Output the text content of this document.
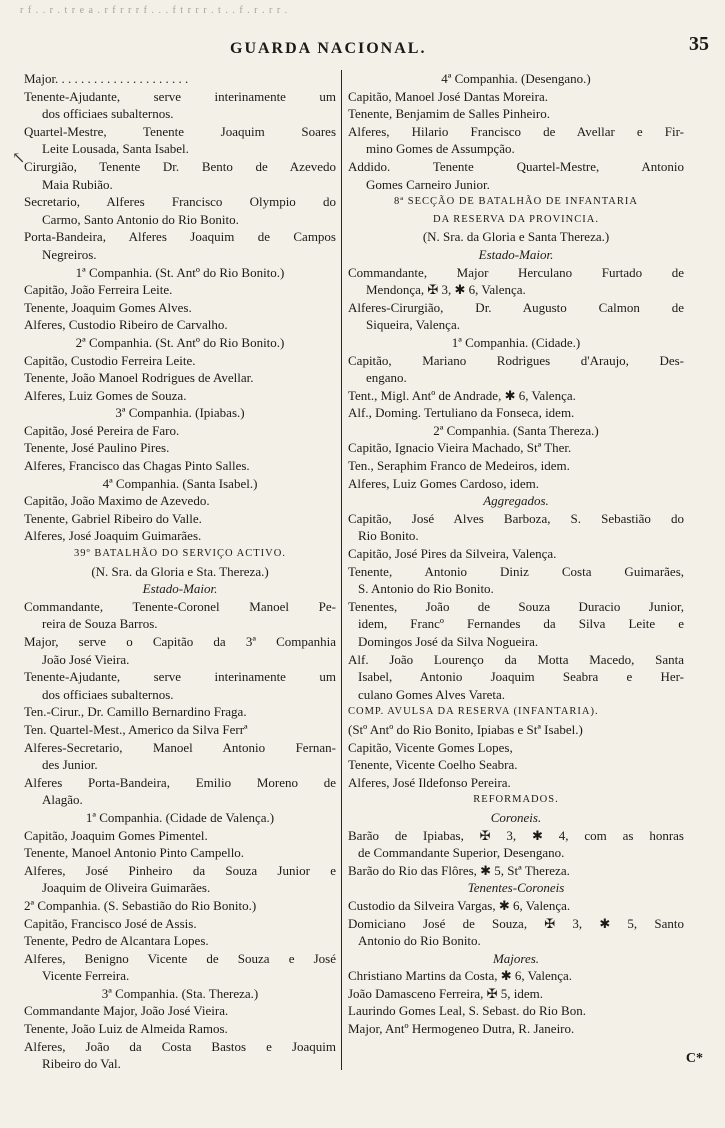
r f . . r . t r e a . r f r r r f . . . f t r r r . t . . f . r . r r .
GUARDA NACIONAL.	35
↖
Major. . . . . . . . . . . . . . . . . . . . .
Tenente-Ajudante, serve interinamente um
dos officiaes subalternos.
Quartel-Mestre, Tenente Joaquim Soares
Leite Lousada, Santa Isabel.
Cirurgião, Tenente Dr. Bento de Azevedo
Maia Rubião.
Secretario, Alferes Francisco Olympio do
Carmo, Santo Antonio do Rio Bonito.
Porta-Bandeira, Alferes Joaquim de Campos
Negreiros.
1ª Companhia. (St. Antº do Rio Bonito.)
Capitão, João Ferreira Leite.
Tenente, Joaquim Gomes Alves.
Alferes, Custodio Ribeiro de Carvalho.
2ª Companhia. (St. Antº do Rio Bonito.)
Capitão, Custodio Ferreira Leite.
Tenente, João Manoel Rodrigues de Avellar.
Alferes, Luiz Gomes de Souza.
3ª Companhia. (Ipiabas.)
Capitão, José Pereira de Faro.
Tenente, José Paulino Pires.
Alferes, Francisco das Chagas Pinto Salles.
4ª Companhia. (Santa Isabel.)
Capitão, João Maximo de Azevedo.
Tenente, Gabriel Ribeiro do Valle.
Alferes, José Joaquim Guimarães.
39º BATALHÃO DO SERVIÇO ACTIVO.
(N. Sra. da Gloria e Sta. Thereza.)
Estado-Maior.
Commandante, Tenente-Coronel Manoel Pe-
reira de Souza Barros.
Major, serve o Capitão da 3ª Companhia
João José Vieira.
Tenente-Ajudante, serve interinamente um
dos officiaes subalternos.
Ten.-Cirur., Dr. Camillo Bernardino Fraga.
Ten. Quartel-Mest., Americo da Silva Ferrª
Alferes-Secretario, Manoel Antonio Fernan-
des Junior.
Alferes Porta-Bandeira, Emilio Moreno de
Alagão.
1ª Companhia. (Cidade de Valença.)
Capitão, Joaquim Gomes Pimentel.
Tenente, Manoel Antonio Pinto Campello.
Alferes, José Pinheiro da Souza Junior e
Joaquim de Oliveira Guimarães.
2ª Companhia. (S. Sebastião do Rio Bonito.)
Capitão, Francisco José de Assis.
Tenente, Pedro de Alcantara Lopes.
Alferes, Benigno Vicente de Souza e José
Vicente Ferreira.
3ª Companhia. (Sta. Thereza.)
Commandante Major, João José Vieira.
Tenente, João Luiz de Almeida Ramos.
Alferes, João da Costa Bastos e Joaquim
Ribeiro do Val.
4ª Companhia. (Desengano.)
Capitão, Manoel José Dantas Moreira.
Tenente, Benjamim de Salles Pinheiro.
Alferes, Hilario Francisco de Avellar e Fir-
mino Gomes de Assumpção.
Addido. Tenente Quartel-Mestre, Antonio
Gomes Carneiro Junior.
8ª SECÇÃO DE BATALHÃO DE INFANTARIA
DA RESERVA DA PROVINCIA.
(N. Sra. da Gloria e Santa Thereza.)
Estado-Maior.
Commandante, Major Herculano Furtado de
Mendonça, ✠ 3, ✱ 6, Valença.
Alferes-Cirurgião, Dr. Augusto Calmon de
Siqueira, Valença.
1ª Companhia. (Cidade.)
Capitão, Mariano Rodrigues d'Araujo, Des-
engano.
Tent., Migl. Antº de Andrade, ✱ 6, Valença.
Alf., Doming. Tertuliano da Fonseca, idem.
2ª Companhia. (Santa Thereza.)
Capitão, Ignacio Vieira Machado, Stª Ther.
Ten., Seraphim Franco de Medeiros, idem.
Alferes, Luiz Gomes Cardoso, idem.
Aggregados.
Capitão, José Alves Barboza, S. Sebastião do
Rio Bonito.
Capitão, José Pires da Silveira, Valença.
Tenente, Antonio Diniz Costa Guimarães,
S. Antonio do Rio Bonito.
Tenentes, João de Souza Duracio Junior,
idem, Francº Fernandes da Silva Leite e
Domingos José da Silva Nogueira.
Alf. João Lourenço da Motta Macedo, Santa
Isabel, Antonio Joaquim Seabra e Her-
culano Gomes Alves Vareta.
COMP. AVULSA DA RESERVA (INFANTARIA).
(Stº Antº do Rio Bonito, Ipiabas e Stª Isabel.)
Capitão, Vicente Gomes Lopes,
Tenente, Vicente Coelho Seabra.
Alferes, José Ildefonso Pereira.
REFORMADOS.
Coroneis.
Barão de Ipiabas, ✠ 3, ✱ 4, com as honras
de Commandante Superior, Desengano.
Barão do Rio das Flôres, ✱ 5, Stª Thereza.
Tenentes-Coroneis
Custodio da Silveira Vargas, ✱ 6, Valença.
Domiciano José de Souza, ✠ 3, ✱ 5, Santo
Antonio do Rio Bonito.
Majores.
Christiano Martins da Costa, ✱ 6, Valença.
João Damasceno Ferreira, ✠ 5, idem.
Laurindo Gomes Leal, S. Sebast. do Rio Bon.
Major, Antº Hermogeneo Dutra, R. Janeiro.
C*
